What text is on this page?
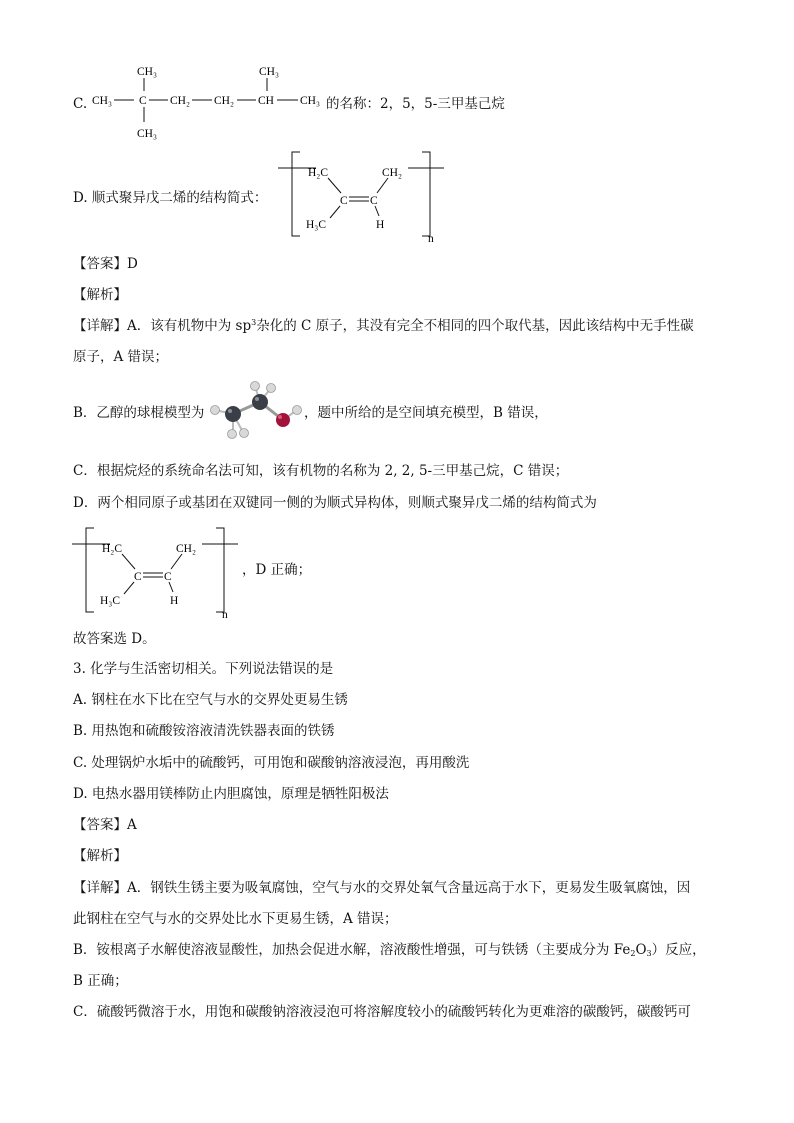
C. CH₃ C
CH₃
CH₃
CH₂ CH₂ CH
CH₃
CH₃ 的名称：2，5，5-三甲基己烷
D. 顺式聚异戊二烯的结构简式：
H₂C
C C
CH₂
H₃C	H
n
【答案】D
【解析】
【详解】A．该有机物中为 $sp^3$杂化的 C 原子，其没有完全不相同的四个取代基，因此该结构中无手性碳
原子，A 错误；
B．乙醇的球棍模型为	，题中所给的是空间填充模型，B 错误，
C．根据烷烃的系统命名法可知，该有机物的名称为 2, 2, 5-三甲基己烷，C 错误；
D．两个相同原子或基团在双键同一侧的为顺式异构体，则顺式聚异戊二烯的结构简式为
H₂C
C C
CH₂
H₃C	H
n
，D 正确；
故答案选 D。
3. 化学与生活密切相关。下列说法错误的是
A. 钢柱在水下比在空气与水的交界处更易生锈
B. 用热饱和硫酸铵溶液清洗铁器表面的铁锈
C. 处理锅炉水垢中的硫酸钙，可用饱和碳酸钠溶液浸泡，再用酸洗
D. 电热水器用镁棒防止内胆腐蚀，原理是牺牲阳极法
【答案】A
【解析】
【详解】A．钢铁生锈主要为吸氧腐蚀，空气与水的交界处氧气含量远高于水下，更易发生吸氧腐蚀，因
此钢柱在空气与水的交界处比水下更易生锈，A 错误；
B．铵根离子水解使溶液显酸性，加热会促进水解，溶液酸性增强，可与铁锈（主要成分为 $Fe_2O_3$）反应，
B 正确；
C．硫酸钙微溶于水，用饱和碳酸钠溶液浸泡可将溶解度较小的硫酸钙转化为更难溶的碳酸钙，碳酸钙可
